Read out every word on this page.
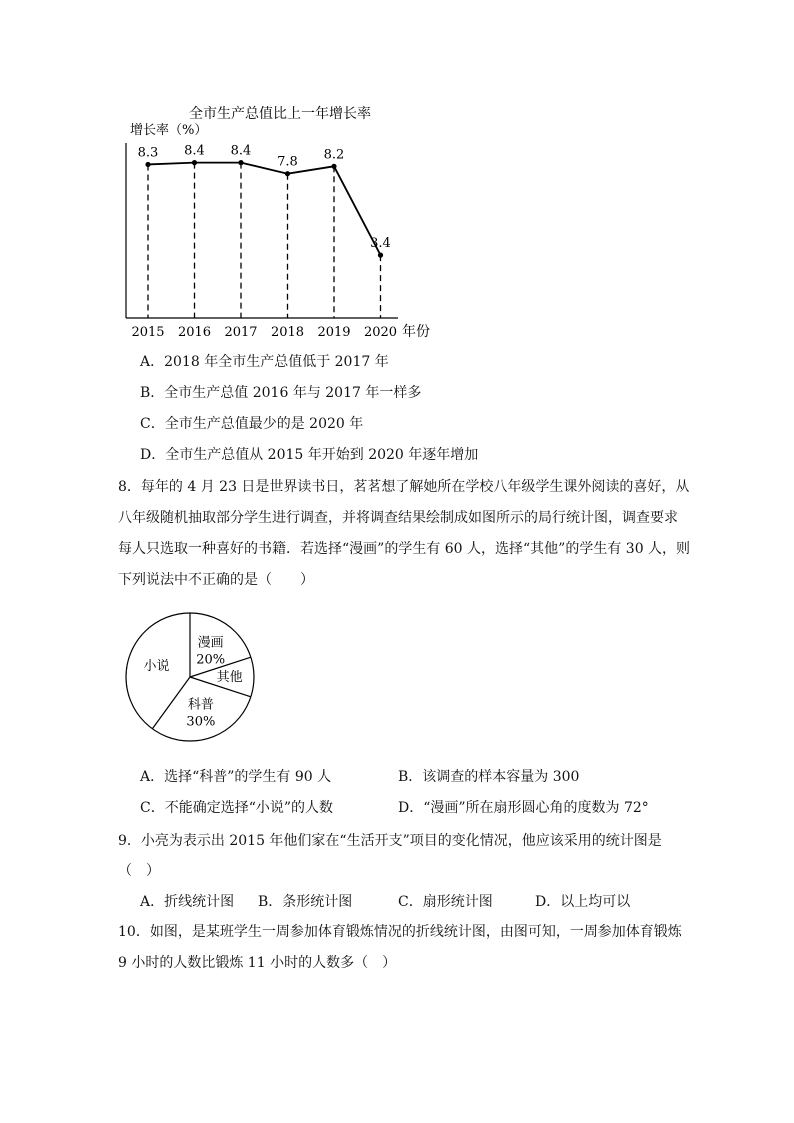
全市生产总值比上一年增长率
增长率（%）
年份
2015 2016 2017 2018 2019 2020
8.3 8.4 8.4
7.8 8.2
3.4
A．2018 年全市生产总值低于 2017 年
B．全市生产总值 2016 年与 2017 年一样多
C．全市生产总值最少的是 2020 年
D．全市生产总值从 2015 年开始到 2020 年逐年增加
8．每年的 4 月 23 日是世界读书日，茗茗想了解她所在学校八年级学生课外阅读的喜好，从
八年级随机抽取部分学生进行调查，并将调查结果绘制成如图所示的局行统计图，调查要求
每人只选取一种喜好的书籍．若选择“漫画”的学生有 60 人，选择“其他”的学生有 30 人，则
下列说法中不正确的是（　　）
漫画
20%
其他
科普
30%
小说
A．选择“科普”的学生有 90 人	B．该调查的样本容量为 300
C．不能确定选择“小说”的人数	D．“漫画”所在扇形圆心角的度数为 72°
9．小亮为表示出 2015 年他们家在“生活开支”项目的变化情况，他应该采用的统计图是
（　）
A．折线统计图 B．条形统计图	C．扇形统计图	D．以上均可以
10．如图，是某班学生一周参加体育锻炼情况的折线统计图，由图可知，一周参加体育锻炼
9 小时的人数比锻炼 11 小时的人数多（　）
